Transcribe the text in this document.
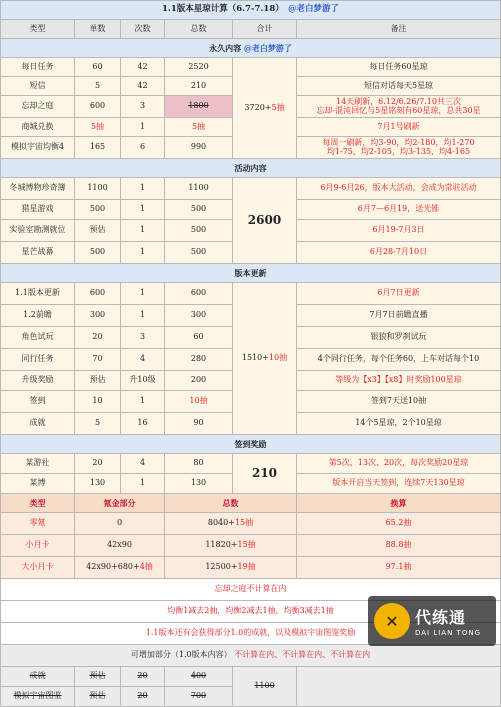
1.1版本星琼计算（6.7-7.18）　 @老白梦游了					
类型	单数	次数	总数	合计	备注
永久内容 @老白梦游了					
每日任务	60	42	2520	3720+5抽	每日任务60星琼
短信	5	42	210		短信对话每天5星琼
忘却之庭	600	3	1800		14天刷新，6.12/6.26/7.10共三次
忘却-混沌回忆与5星铭刻有60星琼，总共30星

商城兑换	5抽	1	5抽		7月1号刷新
模拟宇宙均衡4	165	6	990		每周一刷新，均3-90，均2-180，均1-270
均1-75，均2-105，均3-135，均4-165

活动内容					
冬城博物珍奇簿	1100	1	1100	2600	6月9-6月26，版本大活动，会成为常驻活动
猎星游戏	500	1	500		6月7—6月19，送光锥
实验室勘测就位	预估	1	500		6月19-7月3日
星芒战幕	500	1	500		6月28-7月10日
版本更新					
1.1版本更新	600	1	600	1510+10抽	6月7日更新
1.2前瞻	300	1	300		7月7日前瞻直播
角色试玩	20	3	60		银狼和罗刹试玩
同行任务	70	4	280		4个同行任务，每个任务60，上车对话每个10
升级奖励	预估	升10级	200		等级为【x3】【x8】时奖励100星琼
签到	10	1	10抽		签到7天送10抽
成就	5	16	90		14个5星琼，2个10星琼
签到奖励					
某游社	20	4	80	210	第5次、13次、20次，每次奖励20星琼
某博	130	1	130		版本开启当天签到，连续7天130星琼
类型	氪金部分		总数		换算
零氪	0		8040+15抽		65.2抽
小月卡	42x90		11820+15抽		88.8抽
大小月卡	42x90+680+4抽		12500+19抽		97.1抽
忘却之庭不计算在内					
均衡1减去2抽，均衡2减去1抽，均衡3减去1抽					
1.1版本还有会获得部分1.0的成就，以及模拟宇宙图鉴奖励					
可增加部分（1.0版本内容） 不计算在内、不计算在内、不计算在内					
成就	预估	20	400	1100	
模拟宇宙图鉴	预估	20	700		
✕	代练通
DAI LIAN TONG
